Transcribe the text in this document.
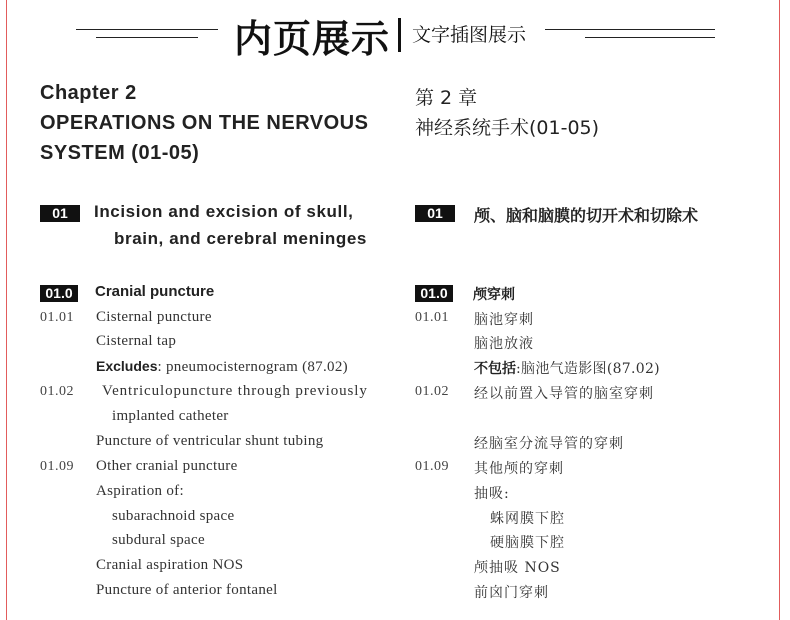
内页展示 文字插图展示
Chapter 2
OPERATIONS ON THE NERVOUS
SYSTEM (01-05)
01	Incision and excision of skull,
brain, and cerebral meninges
01.0	Cranial puncture
01.01 Cisternal puncture
Cisternal tap
Excludes: pneumocisternogram (87.02)
01.02 Ventriculopuncture through previously
implanted catheter
Puncture of ventricular shunt tubing
01.09 Other cranial puncture
Aspiration of:
subarachnoid space
subdural space
Cranial aspiration NOS
Puncture of anterior fontanel
第 2 章
神经系统手术(01-05)
01	颅、脑和脑膜的切开术和切除术
01.0	颅穿刺
01.01 脑池穿刺
脑池放液
不包括:脑池气造影图(87.02)
01.02 经以前置入导管的脑室穿刺
经脑室分流导管的穿刺
01.09 其他颅的穿刺
抽吸:
蛛网膜下腔
硬脑膜下腔
颅抽吸 NOS
前囟门穿刺
